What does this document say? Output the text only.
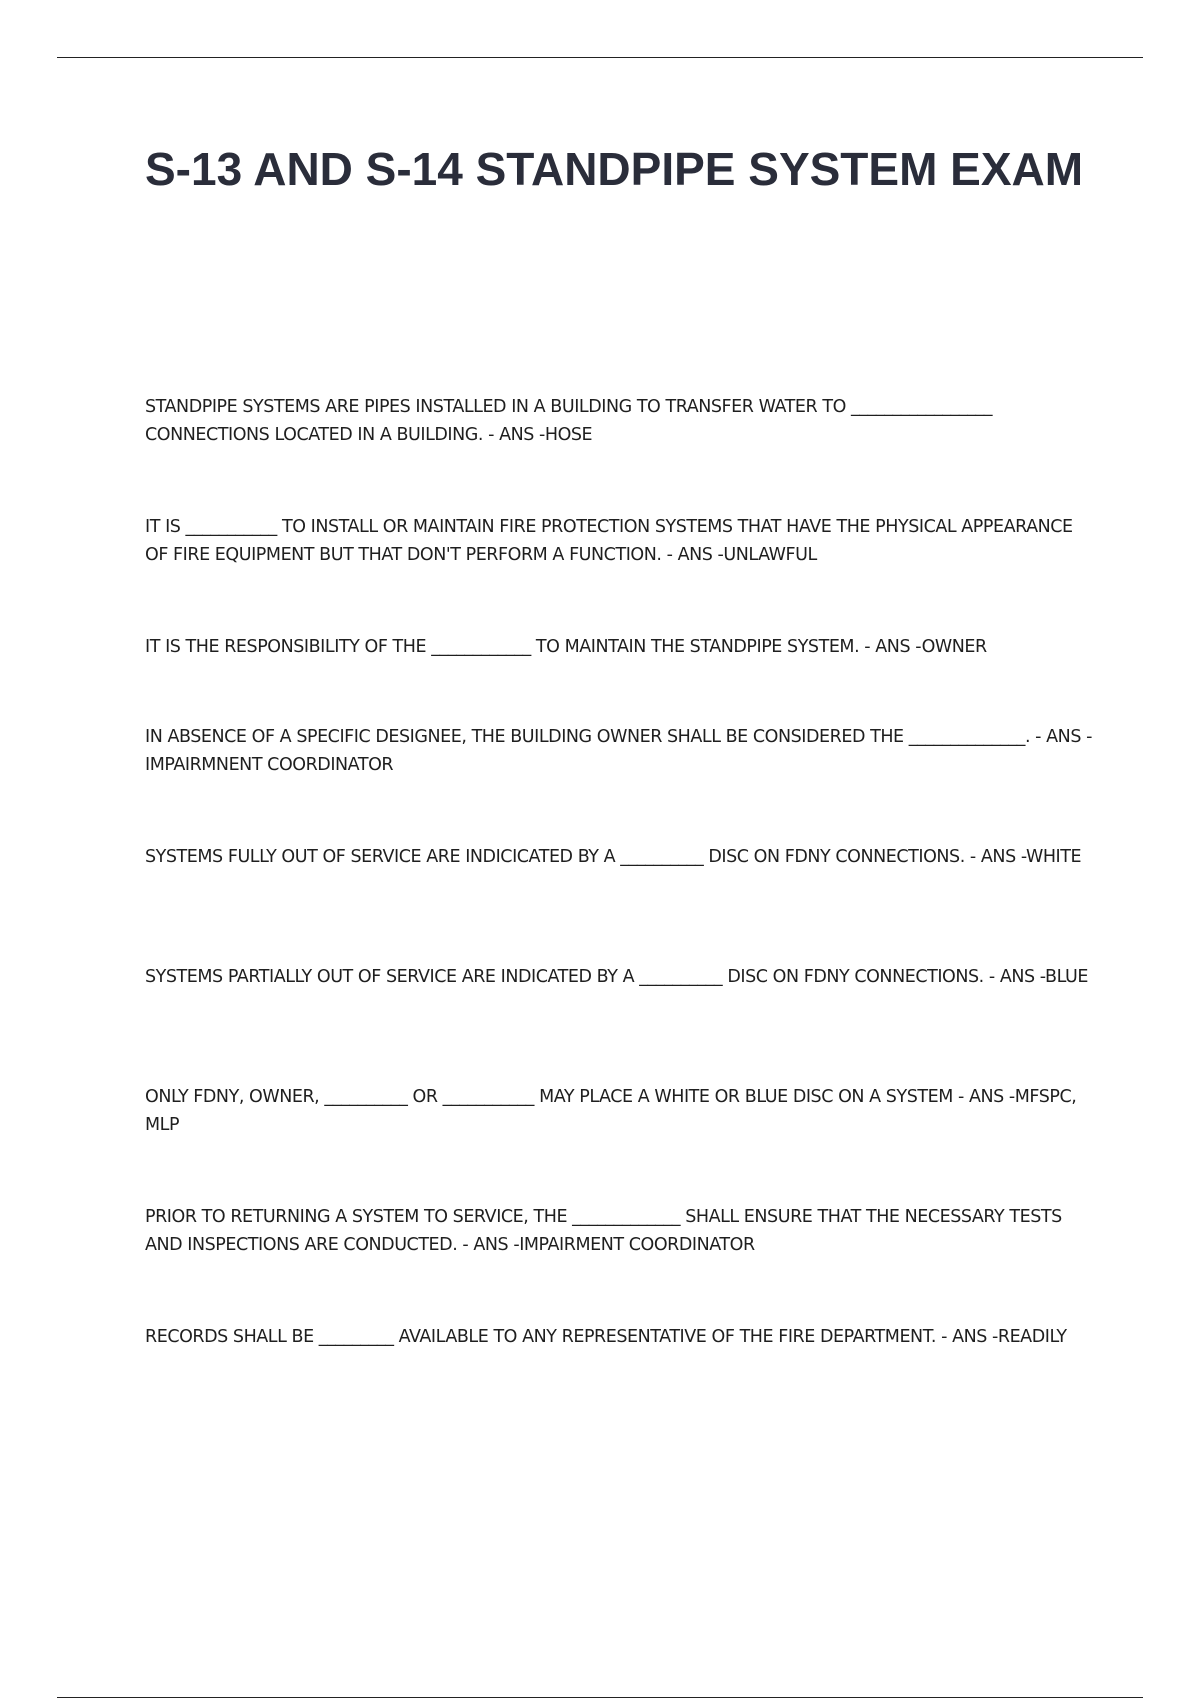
S-13 AND S-14 STANDPIPE SYSTEM EXAM

STANDPIPE SYSTEMS ARE PIPES INSTALLED IN A BUILDING TO TRANSFER WATER TO _________________ CONNECTIONS LOCATED IN A BUILDING. - ANS -HOSE

IT IS ___________ TO INSTALL OR MAINTAIN FIRE PROTECTION SYSTEMS THAT HAVE THE PHYSICAL APPEARANCE OF FIRE EQUIPMENT BUT THAT DON'T PERFORM A FUNCTION. - ANS -UNLAWFUL

IT IS THE RESPONSIBILITY OF THE ____________ TO MAINTAIN THE STANDPIPE SYSTEM. - ANS -OWNER

IN ABSENCE OF A SPECIFIC DESIGNEE, THE BUILDING OWNER SHALL BE CONSIDERED THE ______________. - ANS -IMPAIRMNENT COORDINATOR

SYSTEMS FULLY OUT OF SERVICE ARE INDICICATED BY A __________ DISC ON FDNY CONNECTIONS. - ANS -WHITE

SYSTEMS PARTIALLY OUT OF SERVICE ARE INDICATED BY A __________ DISC ON FDNY CONNECTIONS. - ANS -BLUE

ONLY FDNY, OWNER, __________ OR ___________ MAY PLACE A WHITE OR BLUE DISC ON A SYSTEM - ANS -MFSPC, MLP

PRIOR TO RETURNING A SYSTEM TO SERVICE, THE _____________ SHALL ENSURE THAT THE NECESSARY TESTS AND INSPECTIONS ARE CONDUCTED. - ANS -IMPAIRMENT COORDINATOR

RECORDS SHALL BE _________ AVAILABLE TO ANY REPRESENTATIVE OF THE FIRE DEPARTMENT. - ANS -READILY
